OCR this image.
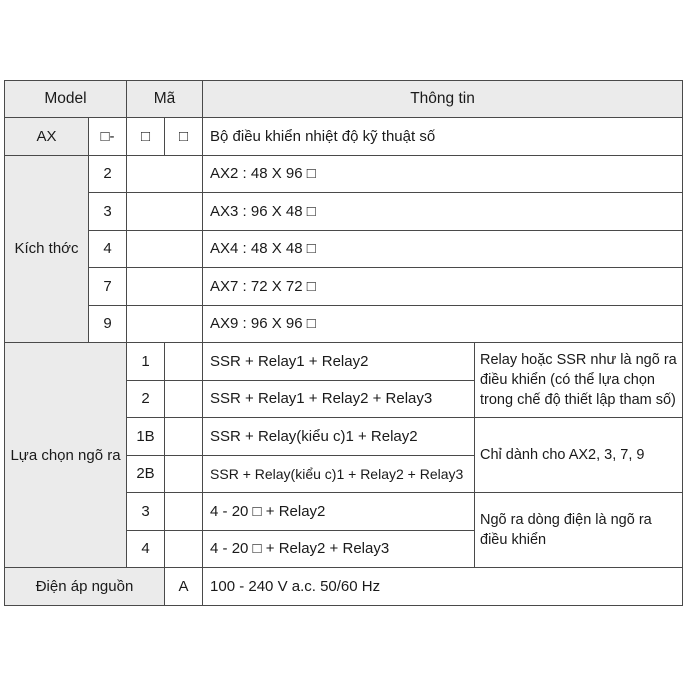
Model		Mã		Thông tin	
AX	□-	□	□	Bộ điều khiển nhiệt độ kỹ thuật số	
Kích thớc	2			AX2 : 48 X 96 □	
	3			AX3 : 96 X 48 □	
	4			AX4 : 48 X 48 □	
	7			AX7 : 72 X 72 □	
	9			AX9 : 96 X 96 □	
Lựa chọn ngõ ra		1		SSR + Relay1 + Relay2	Relay hoặc SSR như là ngõ ra điều khiển (có thể lựa chọn trong chế độ thiết lập tham số)
		2		SSR + Relay1 + Relay2 + Relay3	
		1B		SSR + Relay(kiểu c)1 + Relay2	Chỉ dành cho AX2, 3, 7, 9
		2B		SSR + Relay(kiểu c)1 + Relay2 + Relay3	
		3		4 - 20 □ + Relay2	Ngõ ra dòng điện là ngõ ra điều khiển
		4		4 - 20 □ + Relay2 + Relay3	
Điện áp nguồn			A	100 - 240 V a.c. 50/60 Hz	
